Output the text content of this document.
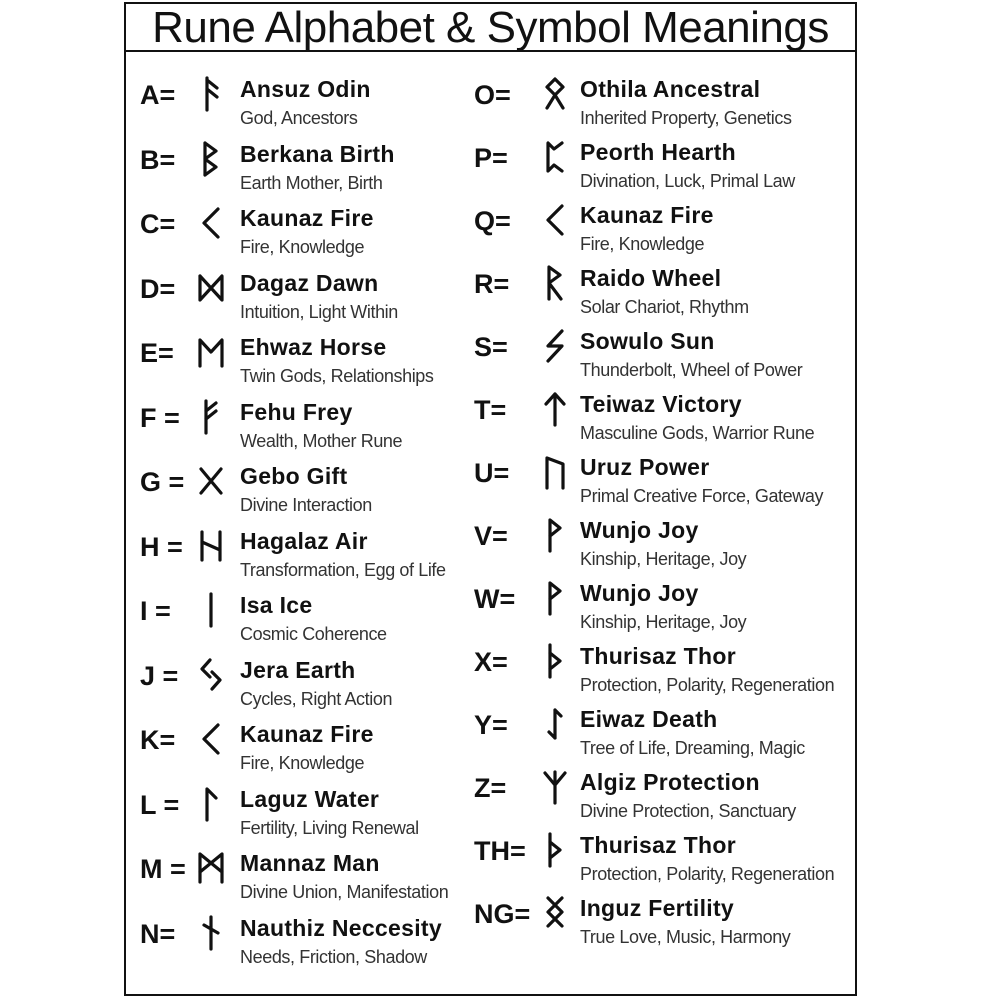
Rune Alphabet & Symbol Meanings
A=	Ansuz Odin
God, Ancestors
B=	Berkana Birth
Earth Mother, Birth
C=	Kaunaz Fire
Fire, Knowledge
D=	Dagaz Dawn
Intuition, Light Within
E=	Ehwaz Horse
Twin Gods, Relationships
F =	Fehu Frey
Wealth, Mother Rune
G =	Gebo Gift
Divine Interaction
H =	Hagalaz Air
Transformation, Egg of Life
I =	Isa Ice
Cosmic Coherence
J =	Jera Earth
Cycles, Right Action
K=	Kaunaz Fire
Fire, Knowledge
L =	Laguz Water
Fertility, Living Renewal
M = Mannaz Man
Divine Union, Manifestation
N=	Nauthiz Neccesity
Needs, Friction, Shadow
O=	Othila Ancestral
Inherited Property, Genetics
P=	Peorth Hearth
Divination, Luck, Primal Law
Q=	Kaunaz Fire
Fire, Knowledge
R=	Raido Wheel
Solar Chariot, Rhythm
S=	Sowulo Sun
Thunderbolt, Wheel of Power
T=	Teiwaz Victory
Masculine Gods, Warrior Rune
U=	Uruz Power
Primal Creative Force, Gateway
V=	Wunjo Joy
Kinship, Heritage, Joy
W=	Wunjo Joy
Kinship, Heritage, Joy
X=	Thurisaz Thor
Protection, Polarity, Regeneration
Y=	Eiwaz Death
Tree of Life, Dreaming, Magic
Z=	Algiz Protection
Divine Protection, Sanctuary
TH=	Thurisaz Thor
Protection, Polarity, Regeneration
NG=	Inguz Fertility
True Love, Music, Harmony
